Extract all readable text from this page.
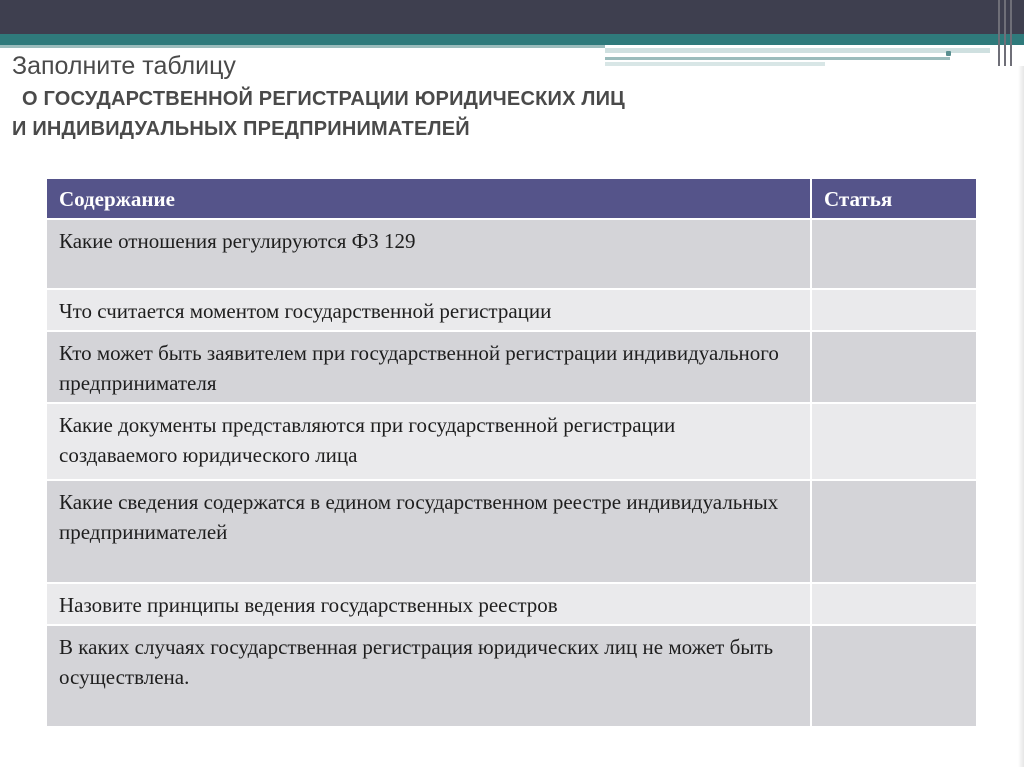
Заполните таблицу
О ГОСУДАРСТВЕННОЙ РЕГИСТРАЦИИ ЮРИДИЧЕСКИХ ЛИЦ
И ИНДИВИДУАЛЬНЫХ ПРЕДПРИНИМАТЕЛЕЙ
Содержание	Статья
Какие отношения регулируются ФЗ 129	
Что считается моментом государственной регистрации	
Кто может быть заявителем при государственной регистрации индивидуального предпринимателя	
Какие документы представляются при государственной регистрации создаваемого юридического лица	
Какие сведения содержатся в едином государственном реестре индивидуальных предпринимателей	
Назовите принципы ведения государственных реестров	
В каких случаях государственная регистрация юридических лиц не может быть осуществлена.	
